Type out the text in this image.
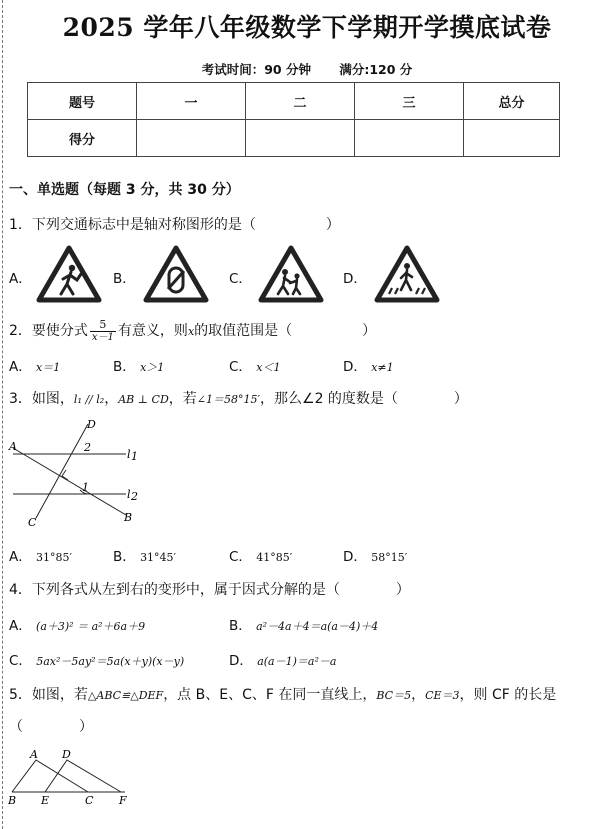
2025 学年八年级数学下学期开学摸底试卷
考试时间：90 分钟 满分:120 分
题号	一	二	三	总分
得分				
一、单选题（每题 3 分，共 30 分）
1．下列交通标志中是轴对称图形的是（　　　　　）
A．	B．	C．	D．
2．要使分式 $\frac{5}{x-1}$ 有意义，则x的取值范围是（　　　　　）
A． x＝1	B． x＞1	C． x＜1	D． x≠1
3．如图，l₁ // l₂，AB ⊥ CD，若∠1＝58°15′，那么∠2 的度数是（　　　　）
D
A	2
l 1
1
l 2
C	B
A． 31°85′	B． 31°45′	C． 41°85′	D． 58°15′
4．下列各式从左到右的变形中，属于因式分解的是（　　　　）
A． (a＋3)² ＝ a²＋6a＋9	B． a²－4a＋4＝a(a－4)＋4
C． 5ax²－5ay²＝5a(x＋y)(x－y)	D． a(a－1)＝a²－a
5．如图，若△ABC≌△DEF，点 B、E、C、F 在同一直线上，BC＝5，CE＝3，则 CF 的长是
（　　　　）
A D
B E	C F
